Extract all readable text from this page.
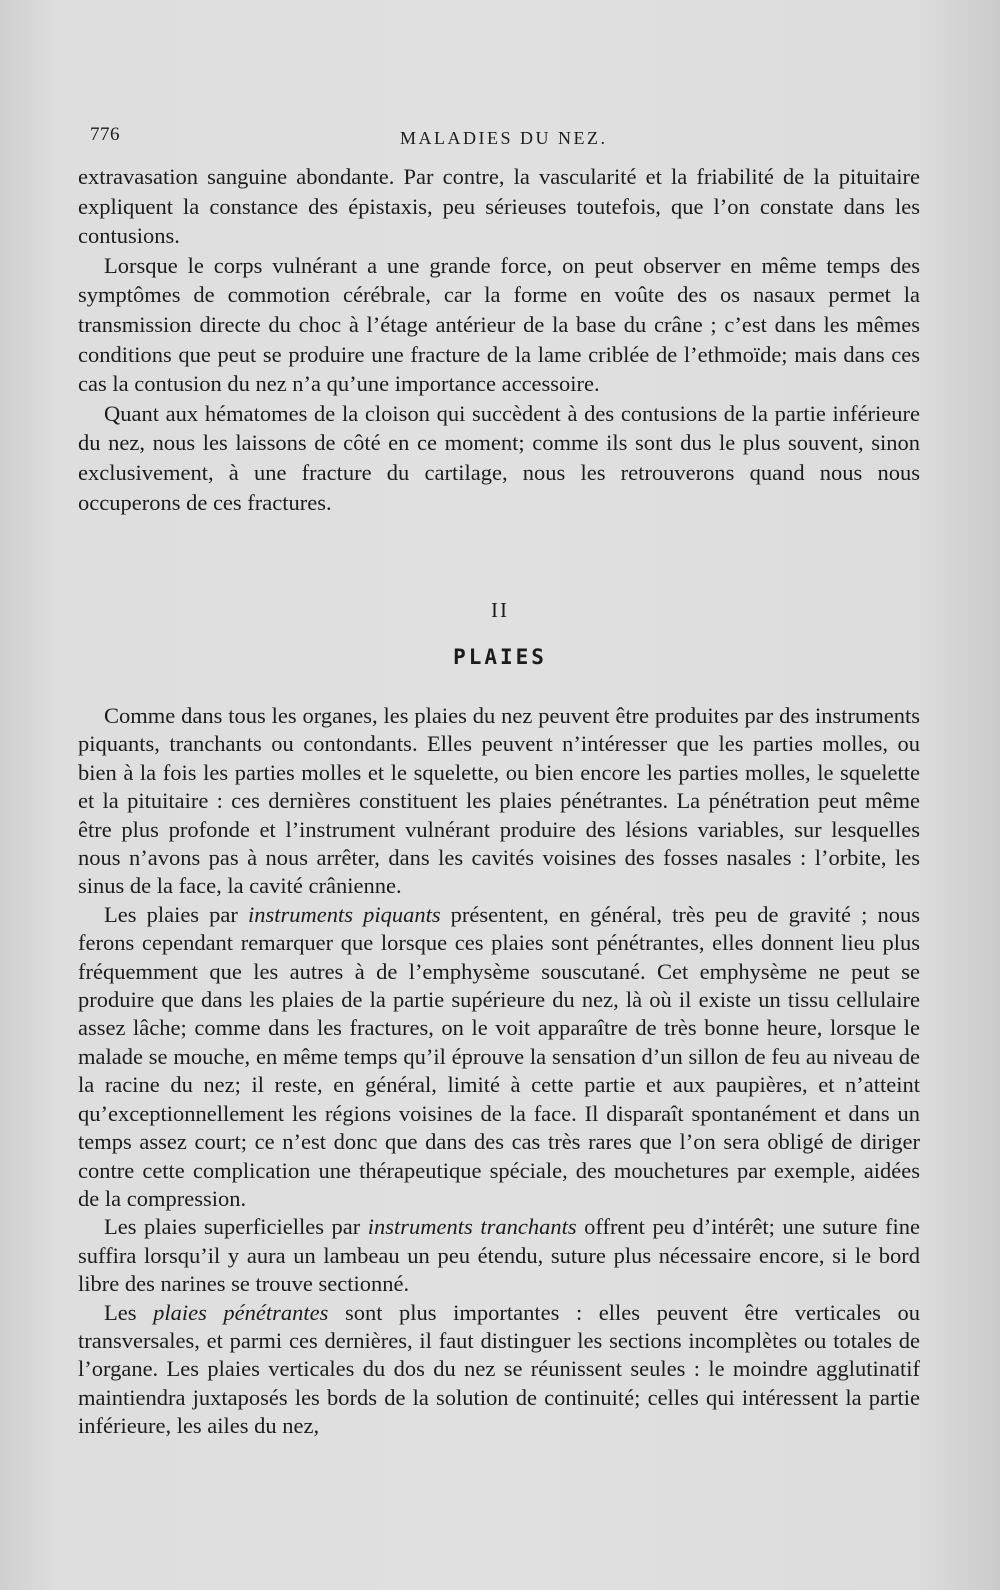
776	MALADIES DU NEZ.

extravasation sanguine abondante. Par contre, la vascularité et la friabilité de la pituitaire expliquent la constance des épistaxis, peu sérieuses toutefois, que l’on constate dans les contusions.

Lorsque le corps vulnérant a une grande force, on peut observer en même temps des symptômes de commotion cérébrale, car la forme en voûte des os nasaux permet la transmission directe du choc à l’étage antérieur de la base du crâne ; c’est dans les mêmes conditions que peut se produire une fracture de la lame criblée de l’ethmoïde; mais dans ces cas la contusion du nez n’a qu’une importance accessoire.

Quant aux hématomes de la cloison qui succèdent à des contusions de la partie inférieure du nez, nous les laissons de côté en ce moment; comme ils sont dus le plus souvent, sinon exclusivement, à une fracture du cartilage, nous les retrouverons quand nous nous occuperons de ces fractures.

II
PLAIES

Comme dans tous les organes, les plaies du nez peuvent être produites par des instruments piquants, tranchants ou contondants. Elles peuvent n’intéresser que les parties molles, ou bien à la fois les parties molles et le squelette, ou bien encore les parties molles, le squelette et la pituitaire : ces dernières constituent les plaies pénétrantes. La pénétration peut même être plus profonde et l’instrument vulnérant produire des lésions variables, sur lesquelles nous n’avons pas à nous arrêter, dans les cavités voisines des fosses nasales : l’orbite, les sinus de la face, la cavité crânienne.

Les plaies par instruments piquants présentent, en général, très peu de gravité ; nous ferons cependant remarquer que lorsque ces plaies sont pénétrantes, elles donnent lieu plus fréquemment que les autres à de l’emphysème souscutané. Cet emphysème ne peut se produire que dans les plaies de la partie supérieure du nez, là où il existe un tissu cellulaire assez lâche; comme dans les fractures, on le voit apparaître de très bonne heure, lorsque le malade se mouche, en même temps qu’il éprouve la sensation d’un sillon de feu au niveau de la racine du nez; il reste, en général, limité à cette partie et aux paupières, et n’atteint qu’exceptionnellement les régions voisines de la face. Il disparaît spontanément et dans un temps assez court; ce n’est donc que dans des cas très rares que l’on sera obligé de diriger contre cette complication une thérapeutique spéciale, des mouchetures par exemple, aidées de la compression.

Les plaies superficielles par instruments tranchants offrent peu d’intérêt; une suture fine suffira lorsqu’il y aura un lambeau un peu étendu, suture plus nécessaire encore, si le bord libre des narines se trouve sectionné.

Les plaies pénétrantes sont plus importantes : elles peuvent être verticales ou transversales, et parmi ces dernières, il faut distinguer les sections incomplètes ou totales de l’organe. Les plaies verticales du dos du nez se réunissent seules : le moindre agglutinatif maintiendra juxtaposés les bords de la solution de continuité; celles qui intéressent la partie inférieure, les ailes du nez,
